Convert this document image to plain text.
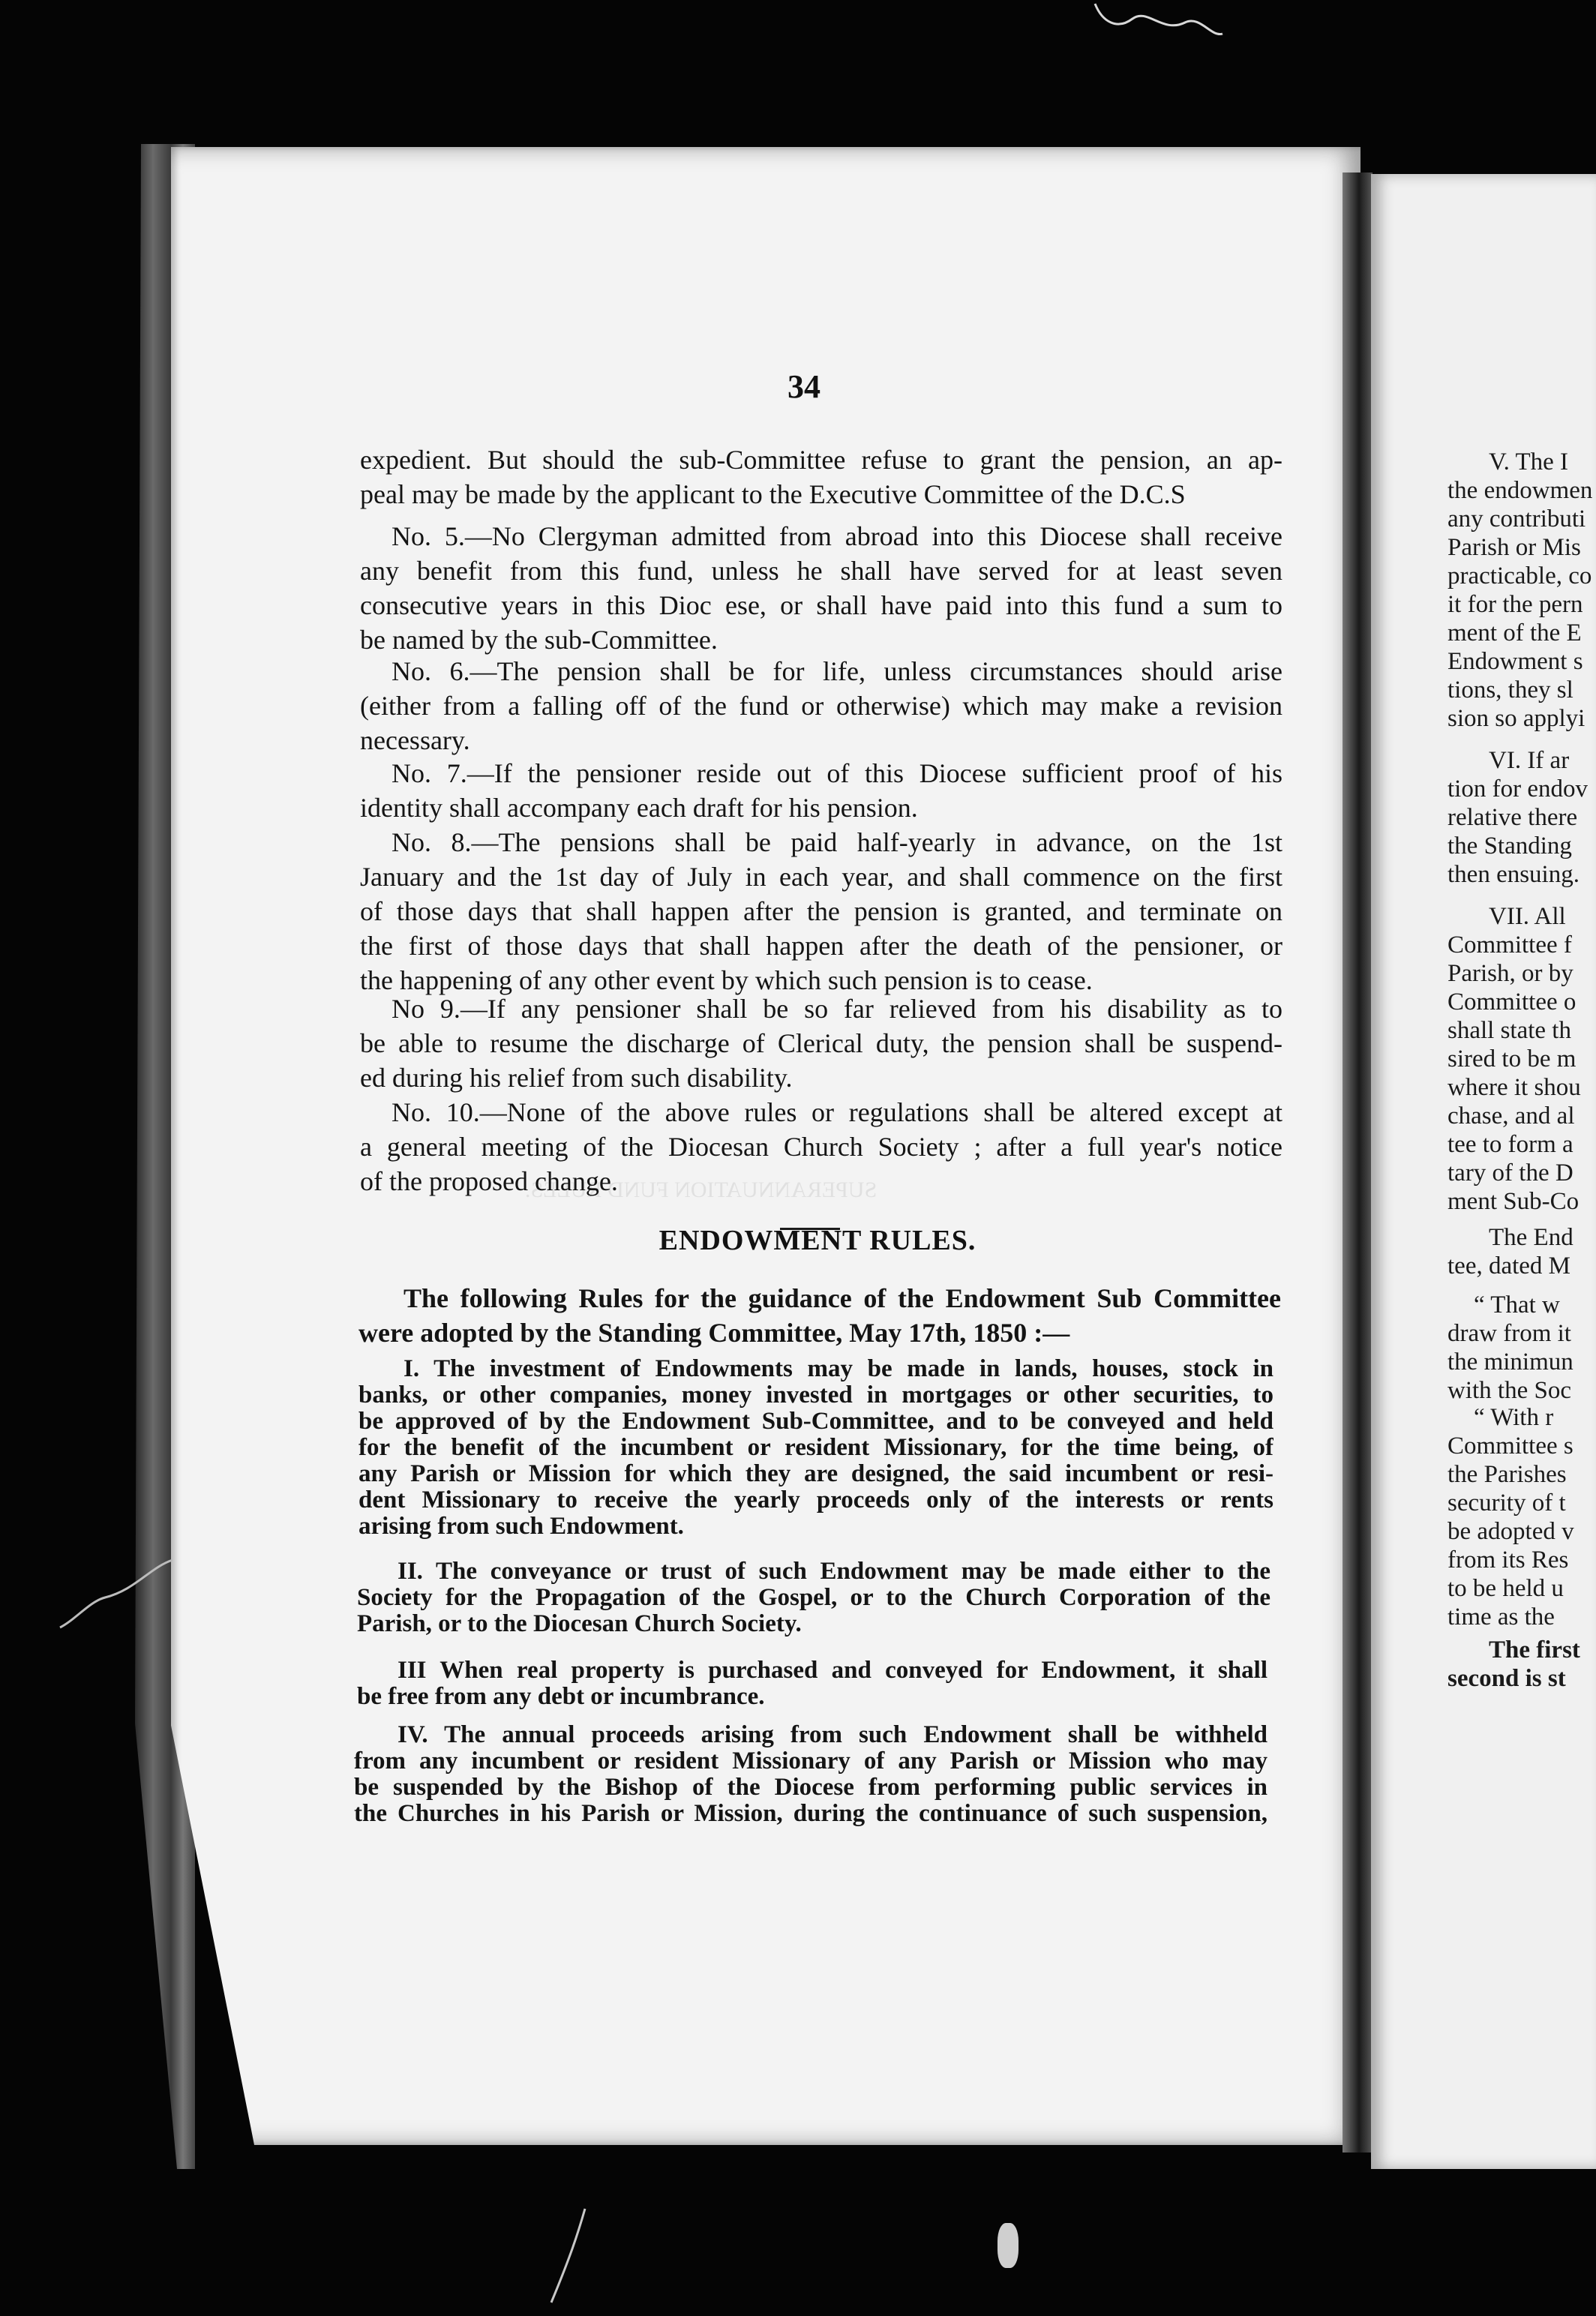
SUPERANNUATION FUND RULES.
34
expedient. But should the sub-Committee refuse to grant the pension, an ap-
peal may be made by the applicant to the Executive Committee of the D.C.S
No. 5.—No Clergyman admitted from abroad into this Diocese shall receive
any benefit from this fund, unless he shall have served for at least seven
consecutive years in this Dioc ese, or shall have paid into this fund a sum to
be named by the sub-Committee.
No. 6.—The pension shall be for life, unless circumstances should arise
(either from a falling off of the fund or otherwise) which may make a revision
necessary.
No. 7.—If the pensioner reside out of this Diocese sufficient proof of his
identity shall accompany each draft for his pension.
No. 8.—The pensions shall be paid half-yearly in advance, on the 1st
January and the 1st day of July in each year, and shall commence on the first
of those days that shall happen after the pension is granted, and terminate on
the first of those days that shall happen after the death of the pensioner, or
the happening of any other event by which such pension is to cease.
No 9.—If any pensioner shall be so far relieved from his disability as to
be able to resume the discharge of Clerical duty, the pension shall be suspend-
ed during his relief from such disability.
No. 10.—None of the above rules or regulations shall be altered except at
a general meeting of the Diocesan Church Society ; after a full year's notice
of the proposed change.
ENDOWMENT RULES.
The following Rules for the guidance of the Endowment Sub Committee
were adopted by the Standing Committee, May 17th, 1850 :—
I. The investment of Endowments may be made in lands, houses, stock in
banks, or other companies, money invested in mortgages or other securities, to
be approved of by the Endowment Sub-Committee, and to be conveyed and held
for the benefit of the incumbent or resident Missionary, for the time being, of
any Parish or Mission for which they are designed, the said incumbent or resi-
dent Missionary to receive the yearly proceeds only of the interests or rents
arising from such Endowment.
II. The conveyance or trust of such Endowment may be made either to the
Society for the Propagation of the Gospel, or to the Church Corporation of the
Parish, or to the Diocesan Church Society.
III When real property is purchased and conveyed for Endowment, it shall
be free from any debt or incumbrance.
IV. The annual proceeds arising from such Endowment shall be withheld
from any incumbent or resident Missionary of any Parish or Mission who may
be suspended by the Bishop of the Diocese from performing public services in
the Churches in his Parish or Mission, during the continuance of such suspension,
V. The I
the endowmen
any contributi
Parish or Mis
practicable, co
it for the pern
ment of the E
Endowment s
tions, they sl
sion so applyi
VI. If ar
tion for endov
relative there
the Standing
then ensuing.
VII. All
Committee f
Parish, or by
Committee o
shall state th
sired to be m
where it shou
chase, and al
tee to form a
tary of the D
ment Sub-Co
The End
tee, dated M
“ That w
draw from it
the minimun
with the Soc
“ With r
Committee s
the Parishes
security of t
be adopted v
from its Res
to be held u
time as the
The first
second is st
